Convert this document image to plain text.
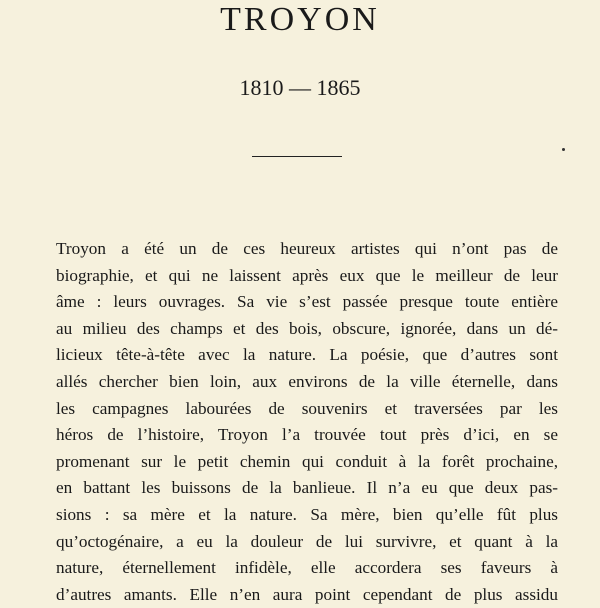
TROYON
1810 — 1865
Troyon a été un de ces heureux artistes qui n’ont pas de
biographie, et qui ne laissent après eux que le meilleur de leur
âme : leurs ouvrages. Sa vie s’est passée presque toute entière
au milieu des champs et des bois, obscure, ignorée, dans un dé-
licieux tête-à-tête avec la nature. La poésie, que d’autres sont
allés chercher bien loin, aux environs de la ville éternelle, dans
les campagnes labourées de souvenirs et traversées par les
héros de l’histoire, Troyon l’a trouvée tout près d’ici, en se
promenant sur le petit chemin qui conduit à la forêt prochaine,
en battant les buissons de la banlieue. Il n’a eu que deux pas-
sions : sa mère et la nature. Sa mère, bien qu’elle fût plus
qu’octogénaire, a eu la douleur de lui survivre, et quant à la
nature, éternellement infidèle, elle accordera ses faveurs à
d’autres amants. Elle n’en aura point cependant de plus assidu
